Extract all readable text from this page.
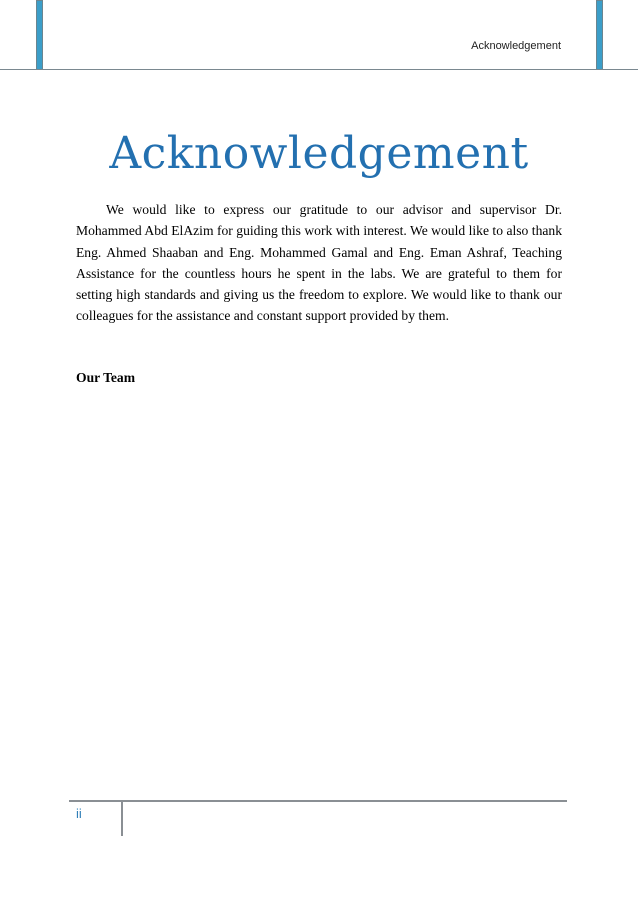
Acknowledgement
Acknowledgement

We would like to express our gratitude to our advisor and supervisor Dr. Mohammed Abd ElAzim for guiding this work with interest. We would like to also thank Eng. Ahmed Shaaban and Eng. Mohammed Gamal and Eng. Eman Ashraf, Teaching Assistance for the countless hours he spent in the labs. We are grateful to them for setting high standards and giving us the freedom to explore. We would like to thank our colleagues for the assistance and constant support provided by them.

Our Team

ii
